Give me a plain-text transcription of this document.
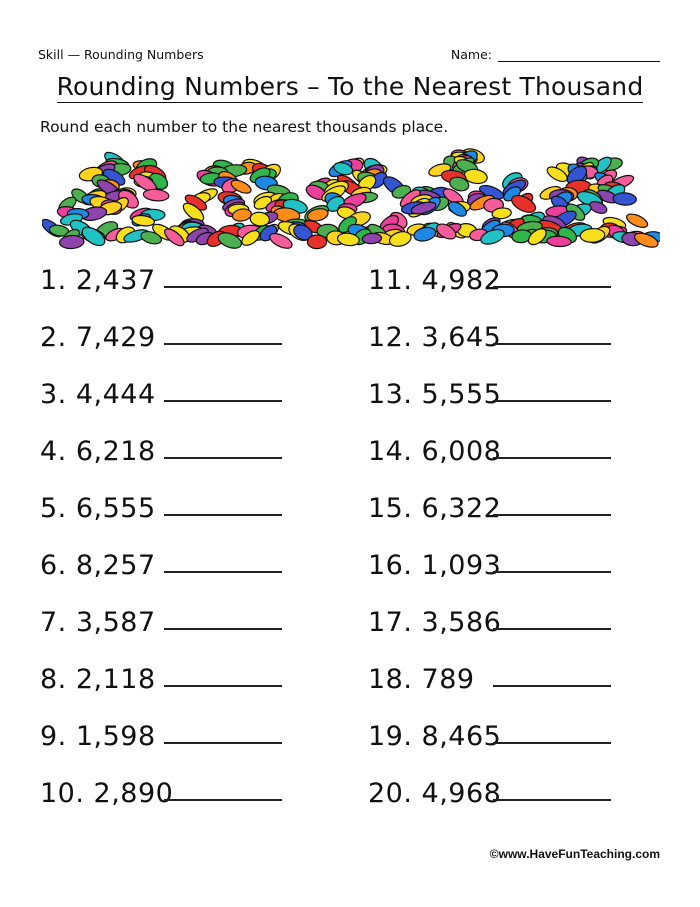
Skill — Rounding Numbers	Name:
Rounding Numbers – To the Nearest Thousand
Round each number to the nearest thousands place.
1. 2,437
2. 7,429
3. 4,444
4. 6,218
5. 6,555
6. 8,257
7. 3,587
8. 2,118
9. 1,598
10. 2,890
11. 4,982
12. 3,645
13. 5,555
14. 6,008
15. 6,322
16. 1,093
17. 3,586
18. 789
19. 8,465
20. 4,968
©www.HaveFunTeaching.com
